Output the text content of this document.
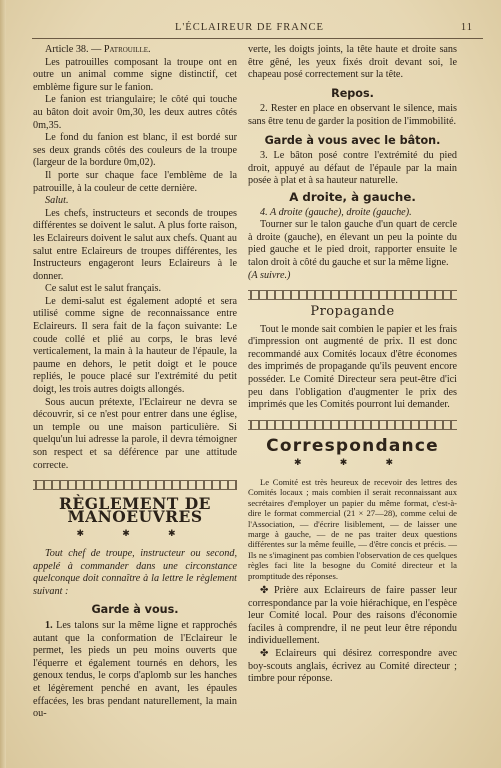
L'ÉCLAIREUR DE FRANCE	11

Article 38. — Patrouille.

Les patrouilles composant la troupe ont en outre un animal comme signe distinctif, cet emblème figure sur le fanion.

Le fanion est triangulaire; le côté qui touche au bâton doit avoir 0m,30, les deux autres côtés 0m,35.

Le fond du fanion est blanc, il est bordé sur ses deux grands côtés des couleurs de la troupe (largeur de la bordure 0m,02).

Il porte sur chaque face l'emblème de la patrouille, à la couleur de cette dernière.

Salut.

Les chefs, instructeurs et seconds de troupes différentes se doivent le salut. A plus forte raison, les Eclaireurs doivent le salut aux chefs. Quant au salut entre Eclaireurs de troupes différentes, les Instructeurs engageront leurs Eclaireurs à le donner.

Ce salut est le salut français.

Le demi-salut est également adopté et sera utilisé comme signe de reconnaissance entre Eclaireurs. Il sera fait de la façon suivante: Le coude collé et plié au corps, le bras levé verticalement, la main à la hauteur de l'épaule, la paume en dehors, le petit doigt et le pouce repliés, le pouce placé sur l'extrémité du petit doigt, les trois autres doigts allongés.

Sous aucun prétexte, l'Eclaireur ne devra se découvrir, si ce n'est pour entrer dans une église, un temple ou une maison particulière. Si quelqu'un lui adresse la parole, il devra témoigner son respect et sa déférence par une attitude correcte.

RÈGLEMENT DE MANOEUVRES
✱ ✱ ✱

Tout chef de troupe, instructeur ou second, appelé à commander dans une circonstance quelconque doit connaître à la lettre le règlement suivant :

Garde à vous.

1. Les talons sur la même ligne et rapprochés autant que la conformation de l'Eclaireur le permet, les pieds un peu moins ouverts que l'équerre et également tournés en dehors, les genoux tendus, le corps d'aplomb sur les hanches et légèrement penché en avant, les épaules effacées, les bras pendant naturellement, la main ou-

verte, les doigts joints, la tête haute et droite sans être gêné, les yeux fixés droit devant soi, le chapeau posé correctement sur la tête.

Repos.

2. Rester en place en observant le silence, mais sans être tenu de garder la position de l'immobilité.

Garde à vous avec le bâton.

3. Le bâton posé contre l'extrémité du pied droit, appuyé au défaut de l'épaule par la main posée à plat et à sa hauteur naturelle.

A droite, à gauche.

4. A droite (gauche), droite (gauche).

Tourner sur le talon gauche d'un quart de cercle à droite (gauche), en élevant un peu la pointe du pied gauche et le pied droit, rapporter ensuite le talon droit à côté du gauche et sur la même ligne.

(A suivre.)

Propagande

Tout le monde sait combien le papier et les frais d'impression ont augmenté de prix. Il est donc recommandé aux Comités locaux d'être économes des imprimés de propagande qu'ils peuvent encore posséder. Le Comité Directeur sera peut-être d'ici peu dans l'obligation d'augmenter le prix des imprimés que les Comités pourront lui demander.

Correspondance
✱ ✱ ✱

Le Comité est très heureux de recevoir des lettres des Comités locaux ; mais combien il serait reconnaissant aux secrétaires d'employer un papier du même format, c'est-à-dire le format commercial (21 × 27—28), comme celui de l'Association, — d'écrire lisiblement, — de laisser une marge à gauche, — de ne pas traiter deux questions différentes sur la même feuille, — d'être concis et précis. — Ils ne s'imaginent pas combien l'observation de ces quelques règles faci lite la besogne du Comité directeur et la promptitude des réponses.

✤ Prière aux Eclaireurs de faire passer leur correspondance par la voie hiérachique, en l'espèce leur Comité local. Pour des raisons d'économie faciles à comprendre, il ne peut leur être répondu individuellement.

✤ Eclaireurs qui désirez correspondre avec boy-scouts anglais, écrivez au Comité directeur ; timbre pour réponse.
